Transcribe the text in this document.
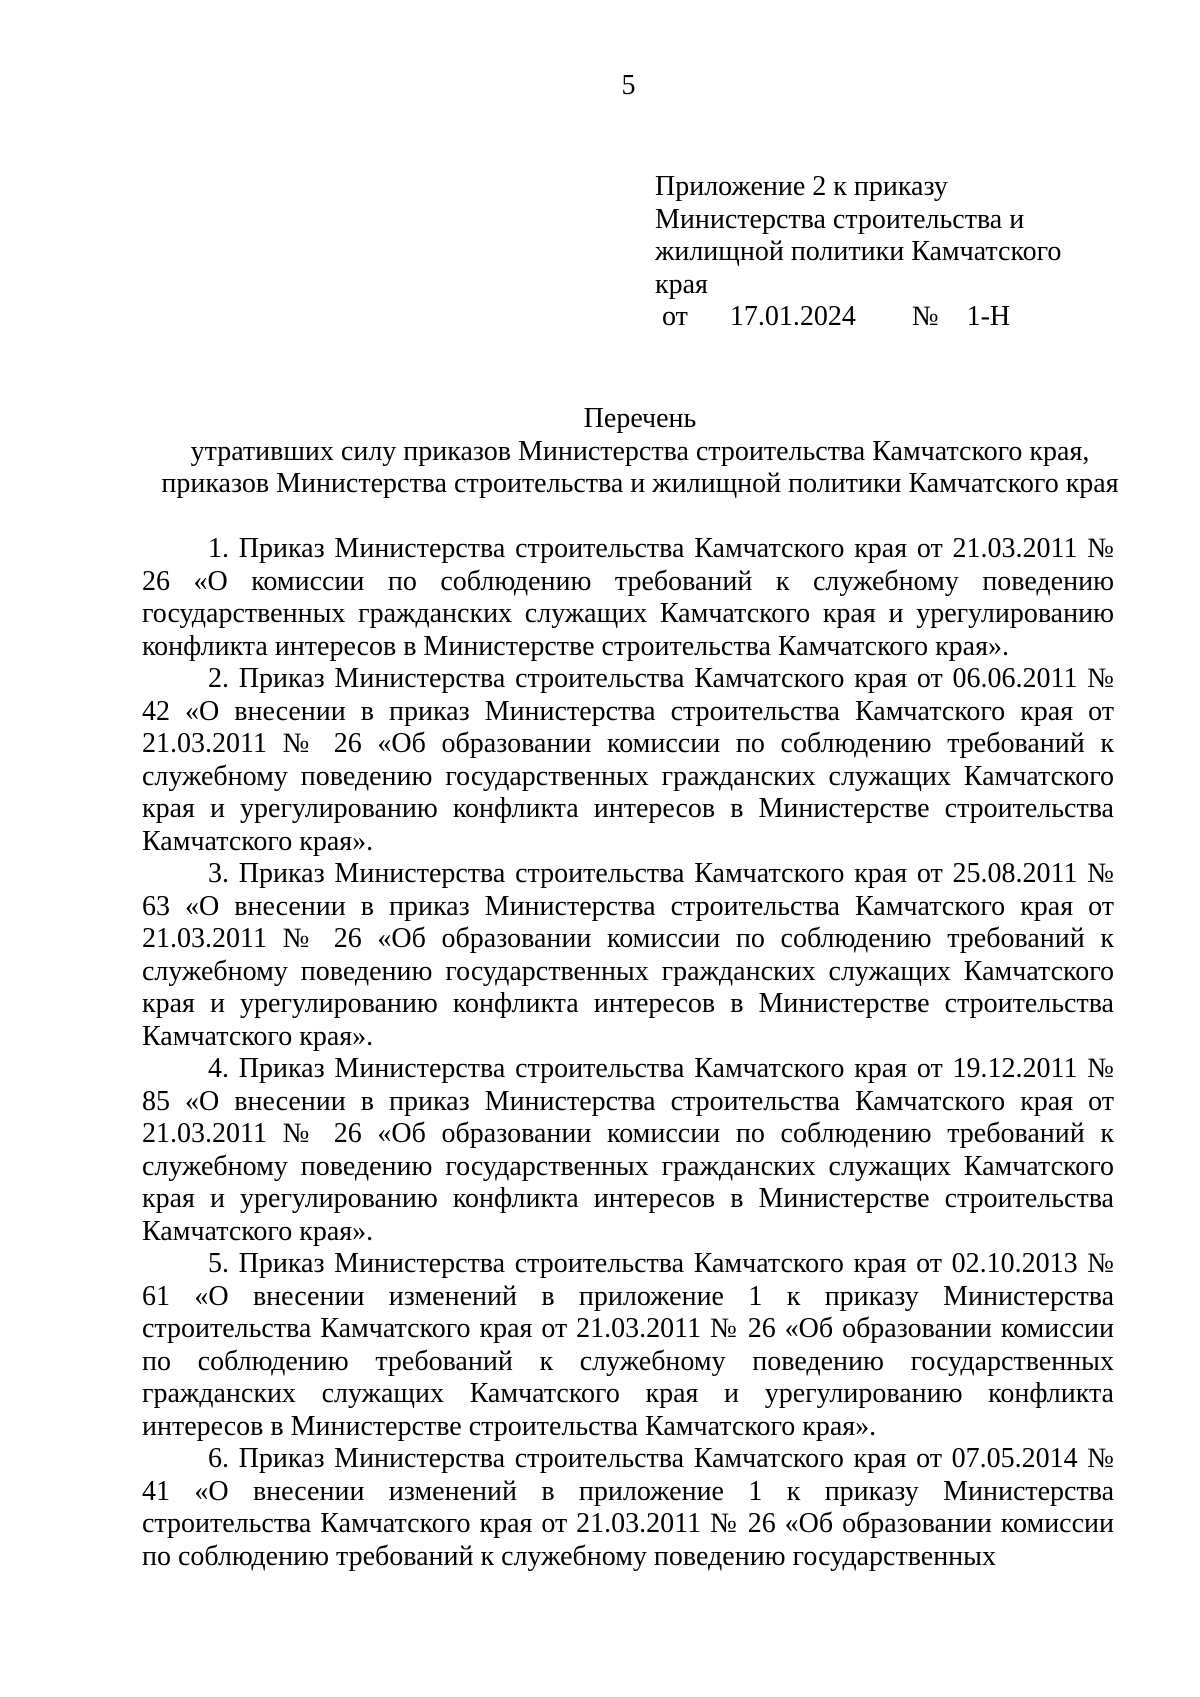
5
Приложение 2 к приказу
Министерства строительства и
жилищной политики Камчатского
края
от      17.01.2024        №    1-Н
Перечень
утративших силу приказов Министерства строительства Камчатского края,
приказов Министерства строительства и жилищной политики Камчатского края

1. Приказ Министерства строительства Камчатского края от 21.03.2011 № 26 «О комиссии по соблюдению требований к служебному поведению государственных гражданских служащих Камчатского края и урегулированию конфликта интересов в Министерстве строительства Камчатского края».

2. Приказ Министерства строительства Камчатского края от 06.06.2011 № 42 «О внесении в приказ Министерства строительства Камчатского края от 21.03.2011 № 26 «Об образовании комиссии по соблюдению требований к служебному поведению государственных гражданских служащих Камчатского края и урегулированию конфликта интересов в Министерстве строительства Камчатского края».

3. Приказ Министерства строительства Камчатского края от 25.08.2011 № 63 «О внесении в приказ Министерства строительства Камчатского края от 21.03.2011 № 26 «Об образовании комиссии по соблюдению требований к служебному поведению государственных гражданских служащих Камчатского края и урегулированию конфликта интересов в Министерстве строительства Камчатского края».

4. Приказ Министерства строительства Камчатского края от 19.12.2011 № 85 «О внесении в приказ Министерства строительства Камчатского края от 21.03.2011 № 26 «Об образовании комиссии по соблюдению требований к служебному поведению государственных гражданских служащих Камчатского края и урегулированию конфликта интересов в Министерстве строительства Камчатского края».

5. Приказ Министерства строительства Камчатского края от 02.10.2013 № 61 «О внесении изменений в приложение 1 к приказу Министерства строительства Камчатского края от 21.03.2011 № 26 «Об образовании комиссии по соблюдению требований к служебному поведению государственных гражданских служащих Камчатского края и урегулированию конфликта интересов в Министерстве строительства Камчатского края».

6. Приказ Министерства строительства Камчатского края от 07.05.2014 № 41 «О внесении изменений в приложение 1 к приказу Министерства строительства Камчатского края от 21.03.2011 № 26 «Об образовании комиссии по соблюдению требований к служебному поведению государственных
